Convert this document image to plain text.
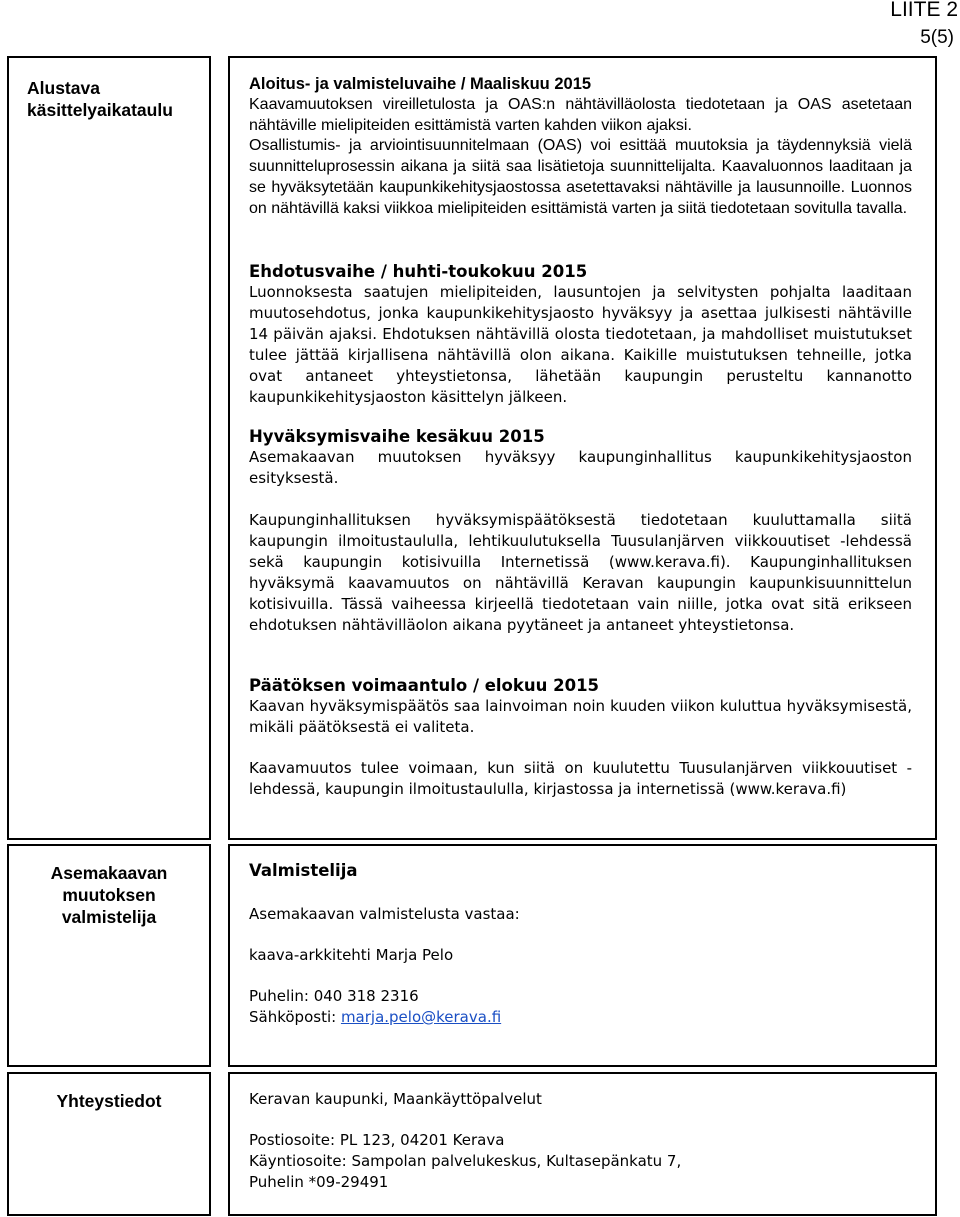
LIITE 2
5(5)
Alustava
käsittelyaikataulu
Asemakaavan
muutoksen
valmistelija
Yhteystiedot
Aloitus- ja valmisteluvaihe / Maaliskuu 2015
Kaavamuutoksen vireilletulosta ja OAS:n nähtävilläolosta tiedotetaan ja OAS asetetaan nähtäville mielipiteiden esittämistä varten kahden viikon ajaksi.
Osallistumis- ja arviointisuunnitelmaan (OAS) voi esittää muutoksia ja täydennyksiä vielä suunnitteluprosessin aikana ja siitä saa lisätietoja suunnittelijalta. Kaavaluonnos laaditaan ja se hyväksytetään kaupunkikehitysjaostossa asetettavaksi nähtäville ja lausunnoille. Luonnos on nähtävillä kaksi viikkoa mielipiteiden esittämistä varten ja siitä tiedotetaan sovitulla tavalla.
Ehdotusvaihe / huhti-toukokuu 2015
Luonnoksesta saatujen mielipiteiden, lausuntojen ja selvitysten pohjalta laaditaan muutosehdotus, jonka kaupunkikehitysjaosto hyväksyy ja asettaa julkisesti nähtäville 14 päivän ajaksi. Ehdotuksen nähtävillä olosta tiedotetaan, ja mahdolliset muistutukset tulee jättää kirjallisena nähtävillä olon aikana. Kaikille muistutuksen tehneille, jotka ovat antaneet yhteystietonsa, lähetään kaupungin perusteltu kannanotto kaupunkikehitysjaoston käsittelyn jälkeen.
Hyväksymisvaihe kesäkuu 2015
Asemakaavan muutoksen hyväksyy kaupunginhallitus kaupunkikehitysjaoston esityksestä.
Kaupunginhallituksen hyväksymispäätöksestä tiedotetaan kuuluttamalla siitä kaupungin ilmoitustaululla, lehtikuulutuksella Tuusulanjärven viikkouutiset -lehdessä sekä kaupungin kotisivuilla Internetissä (www.kerava.fi). Kaupunginhallituksen hyväksymä kaavamuutos on nähtävillä Keravan kaupungin kaupunkisuunnittelun kotisivuilla. Tässä vaiheessa kirjeellä tiedotetaan vain niille, jotka ovat sitä erikseen ehdotuksen nähtävilläolon aikana pyytäneet ja antaneet yhteystietonsa.
Päätöksen voimaantulo / elokuu 2015
Kaavan hyväksymispäätös saa lainvoiman noin kuuden viikon kuluttua hyväksymisestä, mikäli päätöksestä ei valiteta.
Kaavamuutos tulee voimaan, kun siitä on kuulutettu Tuusulanjärven viikkouutiset -lehdessä, kaupungin ilmoitustaululla, kirjastossa ja internetissä (www.kerava.fi)
Valmistelija
Asemakaavan valmistelusta vastaa:
kaava-arkkitehti Marja Pelo
Puhelin: 040 318 2316
Sähköposti: marja.pelo@kerava.fi
Keravan kaupunki, Maankäyttöpalvelut
Postiosoite: PL 123, 04201 Kerava
Käyntiosoite: Sampolan palvelukeskus, Kultasepänkatu 7,
Puhelin *09-29491
